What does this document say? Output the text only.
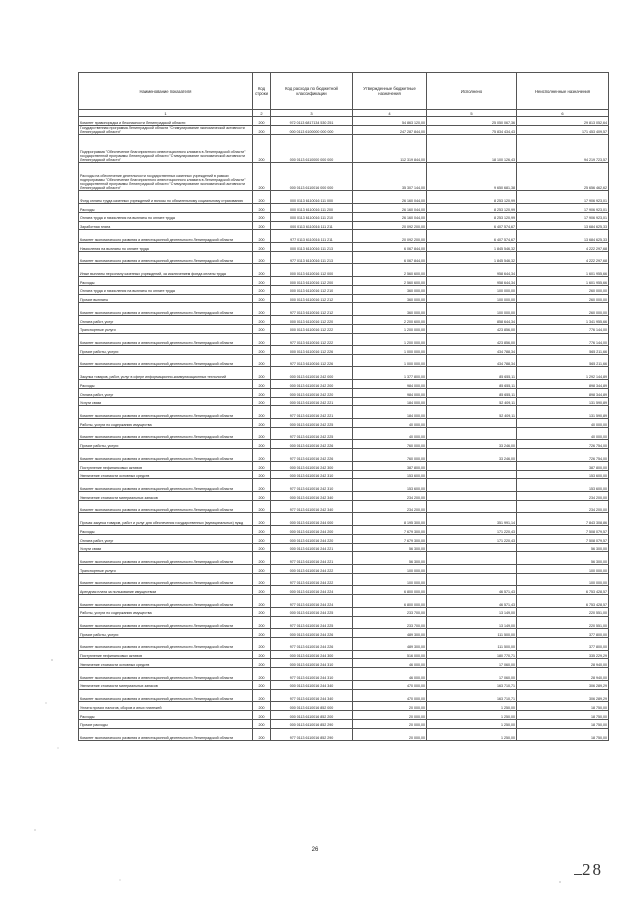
Наименование показателя	Код строки	Код расхода по бюджетной классификации	Утвержденные бюджетные назначения	Исполнено	Неисполненные назначения
1	2	3	4	5	6
Комитет правопорядка и безопасности Ленинградской области	200	972 0113 6817134 530 251	54 863 120,00	25 050 067,36	29 813 052,64
Государственная программа Ленинградской области "Стимулирование экономической активности Ленинградской области"	200	000 0113 6100000 000 000	247 287 844,00	75 834 434,43	171 453 409,57
Подпрограмма "Обеспечение благоприятного инвестиционного климата в Ленинградской области" государственной программы Ленинградской области "Стимулирование экономической активности Ленинградской области"	200	000 0113 6110000 000 000	112 319 844,00	18 100 126,43	94 219 723,57
Расходы на обеспечение деятельности государственных казенных учреждений в рамках подпрограммы "Обеспечение благоприятного инвестиционного климата в Ленинградской области" государственной программы Ленинградской области "Стимулирование экономической активности Ленинградской области"	200	000 0113 6110016 000 000	35 307 144,00	9 650 681,38	25 656 462,62
Фонд оплаты труда казенных учреждений и взносы по обязательному социальному страхованию	200	000 0113 6110016 111 000	26 160 044,00	8 253 120,99	17 906 923,01
Расходы	200	000 0113 6110016 111 200	26 160 044,00	8 253 120,99	17 906 923,01
Оплата труда и начисления на выплаты по оплате труда	200	000 0113 6110016 111 210	26 160 044,00	8 253 120,99	17 906 923,01
Заработная плата	200	000 0113 6110016 111 211	20 092 200,00	6 407 574,67	13 684 625,33
Комитет экономического развития и инвестиционной деятельности Ленинградской области	200	977 0113 6110016 111 211	20 092 200,00	6 407 574,67	13 684 625,33
Начисления на выплаты по оплате труда	200	000 0113 6110016 111 213	6 067 844,00	1 845 546,32	4 222 297,68
Комитет экономического развития и инвестиционной деятельности Ленинградской области	200	977 0113 6110016 111 213	6 067 844,00	1 845 546,32	4 222 297,68
Иные выплаты персоналу казенных учреждений, за исключением фонда оплаты труда	200	000 0113 6110016 112 000	2 560 600,00	958 644,34	1 601 955,66
Расходы	200	000 0113 6110016 112 200	2 560 600,00	958 644,34	1 601 955,66
Оплата труда и начисления на выплаты по оплате труда	200	000 0113 6110016 112 210	360 000,00	100 000,00	260 000,00
Прочие выплаты	200	000 0113 6110016 112 212	360 000,00	100 000,00	260 000,00
Комитет экономического развития и инвестиционной деятельности Ленинградской области	200	977 0113 6110016 112 212	360 000,00	100 000,00	260 000,00
Оплата работ, услуг	200	000 0113 6110016 112 220	2 200 600,00	858 644,34	1 341 955,66
Транспортные услуги	200	000 0113 6110016 112 222	1 200 000,00	423 856,00	776 144,00
Комитет экономического развития и инвестиционной деятельности Ленинградской области	200	977 0113 6110016 112 222	1 200 000,00	423 856,00	776 144,00
Прочие работы, услуги	200	000 0113 6110016 112 226	1 000 000,00	434 788,34	565 211,66
Комитет экономического развития и инвестиционной деятельности Ленинградской области	200	977 0113 6110016 112 226	1 000 000,00	434 788,34	565 211,66
Закупка товаров, работ, услуг в сфере информационно-коммуникационных технологий	200	000 0113 6110016 242 000	1 377 800,00	85 655,11	1 292 144,89
Расходы	200	000 0113 6110016 242 200	984 000,00	85 655,11	898 344,89
Оплата работ, услуг	200	000 0113 6110016 242 220	984 000,00	85 655,11	898 344,89
Услуги связи	200	000 0113 6110016 242 221	184 000,00	52 409,11	131 590,89
Комитет экономического развития и инвестиционной деятельности Ленинградской области	200	977 0113 6110016 242 221	184 000,00	52 409,11	131 590,89
Работы, услуги по содержанию имущества	200	000 0113 6110016 242 225	40 000,00		40 000,00
Комитет экономического развития и инвестиционной деятельности Ленинградской области	200	977 0113 6110016 242 225	40 000,00		40 000,00
Прочие работы, услуги	200	000 0113 6110016 242 226	760 000,00	33 246,00	726 754,00
Комитет экономического развития и инвестиционной деятельности Ленинградской области	200	977 0113 6110016 242 226	760 000,00	33 246,00	726 754,00
Поступление нефинансовых активов	200	000 0113 6110016 242 300	387 800,00		387 800,00
Увеличение стоимости основных средств	200	000 0113 6110016 242 310	153 600,00		153 600,00
Комитет экономического развития и инвестиционной деятельности Ленинградской области	200	977 0113 6110016 242 310	153 600,00		153 600,00
Увеличение стоимости материальных запасов	200	000 0113 6110016 242 340	234 200,00		234 200,00
Комитет экономического развития и инвестиционной деятельности Ленинградской области	200	977 0113 6110016 242 340	234 200,00		234 200,00
Прочая закупка товаров, работ и услуг для обеспечения государственных (муниципальных) нужд	200	000 0113 6110016 244 000	8 195 300,00	351 991,14	7 843 308,86
Расходы	200	000 0113 6110016 244 200	7 679 300,00	171 220,43	7 508 079,57
Оплата работ, услуг	200	000 0113 6110016 244 220	7 679 300,00	171 220,43	7 508 079,57
Услуги связи	200	000 0113 6110016 244 221	56 300,00		56 300,00
Комитет экономического развития и инвестиционной деятельности Ленинградской области	200	977 0113 6110016 244 221	56 300,00		56 300,00
Транспортные услуги	200	000 0113 6110016 244 222	100 000,00		100 000,00
Комитет экономического развития и инвестиционной деятельности Ленинградской области	200	977 0113 6110016 244 222	100 000,00		100 000,00
Арендная плата за пользование имуществом	200	000 0113 6110016 244 224	6 800 000,00	46 571,43	6 753 428,57
Комитет экономического развития и инвестиционной деятельности Ленинградской области	200	977 0113 6110016 244 224	6 800 000,00	46 571,43	6 753 428,57
Работы, услуги по содержанию имущества	200	000 0113 6110016 244 225	233 700,00	13 149,00	220 551,00
Комитет экономического развития и инвестиционной деятельности Ленинградской области	200	977 0113 6110016 244 225	233 700,00	13 149,00	220 551,00
Прочие работы, услуги	200	000 0113 6110016 244 226	489 300,00	111 500,00	377 800,00
Комитет экономического развития и инвестиционной деятельности Ленинградской области	200	977 0113 6110016 244 226	489 300,00	111 500,00	377 800,00
Поступление нефинансовых активов	200	000 0113 6110016 244 300	516 000,00	180 770,71	335 229,29
Увеличение стоимости основных средств	200	000 0113 6110016 244 310	46 000,00	17 060,00	28 940,00
Комитет экономического развития и инвестиционной деятельности Ленинградской области	200	977 0113 6110016 244 310	46 000,00	17 060,00	28 940,00
Увеличение стоимости материальных запасов	200	000 0113 6110016 244 340	470 000,00	163 710,71	306 289,29
Комитет экономического развития и инвестиционной деятельности Ленинградской области	200	977 0113 6110016 244 340	470 000,00	163 710,71	306 289,29
Уплата прочих налогов, сборов и иных платежей	200	000 0113 6110016 852 000	20 000,00	1 250,00	18 750,00
Расходы	200	000 0113 6110016 852 200	20 000,00	1 250,00	18 750,00
Прочие расходы	200	000 0113 6110016 852 290	20 000,00	1 250,00	18 750,00
Комитет экономического развития и инвестиционной деятельности Ленинградской области	200	977 0113 6110016 852 290	20 000,00	1 250,00	18 750,00
26
28
